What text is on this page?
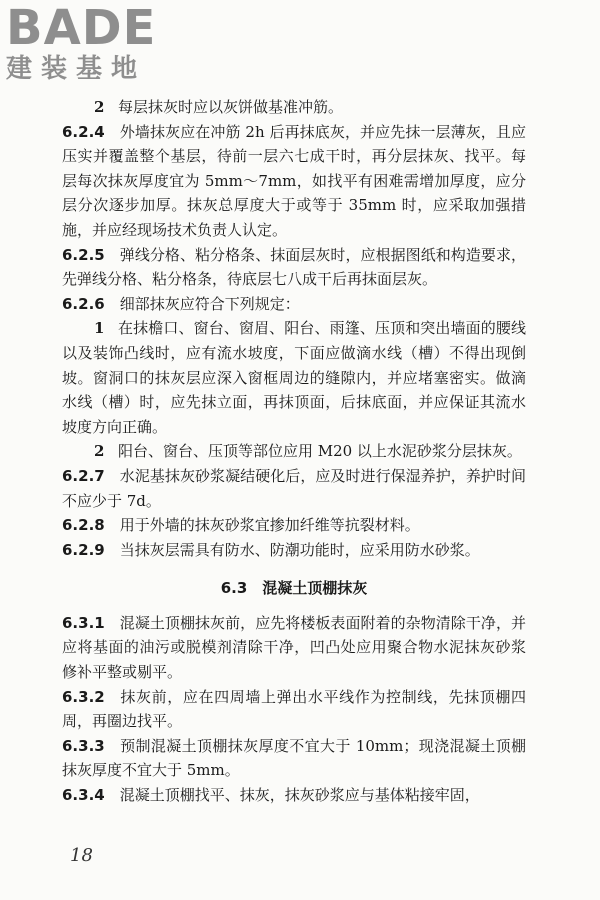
BADE
建装基地

2  每层抹灰时应以灰饼做基准冲筋。

6.2.4  外墙抹灰应在冲筋 2h 后再抹底灰，并应先抹一层薄灰，且应压实并覆盖整个基层，待前一层六七成干时，再分层抹灰、找平。每层每次抹灰厚度宜为 5mm～7mm，如找平有困难需增加厚度，应分层分次逐步加厚。抹灰总厚度大于或等于 35mm 时，应采取加强措施，并应经现场技术负责人认定。

6.2.5  弹线分格、粘分格条、抹面层灰时，应根据图纸和构造要求，先弹线分格、粘分格条，待底层七八成干后再抹面层灰。

6.2.6  细部抹灰应符合下列规定：

1  在抹檐口、窗台、窗眉、阳台、雨篷、压顶和突出墙面的腰线以及装饰凸线时，应有流水坡度，下面应做滴水线（槽）不得出现倒坡。窗洞口的抹灰层应深入窗框周边的缝隙内，并应堵塞密实。做滴水线（槽）时，应先抹立面，再抹顶面，后抹底面，并应保证其流水坡度方向正确。

2  阳台、窗台、压顶等部位应用 M20 以上水泥砂浆分层抹灰。

6.2.7  水泥基抹灰砂浆凝结硬化后，应及时进行保湿养护，养护时间不应少于 7d。

6.2.8  用于外墙的抹灰砂浆宜掺加纤维等抗裂材料。

6.2.9  当抹灰层需具有防水、防潮功能时，应采用防水砂浆。

6.3　混凝土顶棚抹灰

6.3.1  混凝土顶棚抹灰前，应先将楼板表面附着的杂物清除干净，并应将基面的油污或脱模剂清除干净，凹凸处应用聚合物水泥抹灰砂浆修补平整或剔平。

6.3.2  抹灰前，应在四周墙上弹出水平线作为控制线，先抹顶棚四周，再圈边找平。

6.3.3  预制混凝土顶棚抹灰厚度不宜大于 10mm；现浇混凝土顶棚抹灰厚度不宜大于 5mm。

6.3.4  混凝土顶棚找平、抹灰，抹灰砂浆应与基体粘接牢固，

18
